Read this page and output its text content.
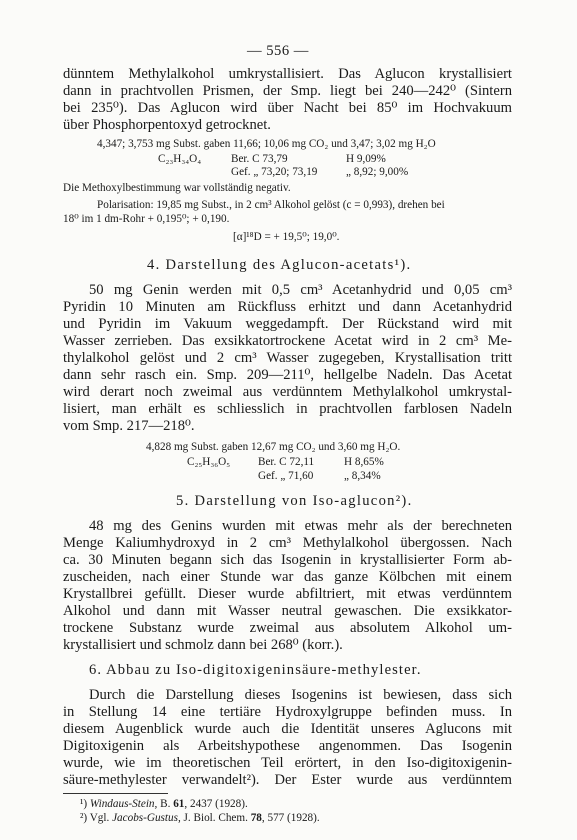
— 556 —
dünntem Methylalkohol umkrystallisiert. Das Aglucon krystallisiert
dann in prachtvollen Prismen, der Smp. liegt bei 240—242⁰ (Sintern
bei 235⁰). Das Aglucon wird über Nacht bei 85⁰ im Hochvakuum
über Phosphorpentoxyd getrocknet.
4,347; 3,753 mg Subst. gaben 11,66; 10,06 mg CO₂ und 3,47; 3,02 mg H₂O
C₂₃H₃₄O₄	Ber. C 73,79	H 9,09%
Gef. „ 73,20; 73,19	„ 8,92; 9,00%
Die Methoxylbestimmung war vollständig negativ.
Polarisation: 19,85 mg Subst., in 2 cm³ Alkohol gelöst (c = 0,993), drehen bei
18⁰ im 1 dm-Rohr + 0,195⁰; + 0,190.
[α]¹⁸D = + 19,5⁰; 19,0⁰.
4. Darstellung des Aglucon-acetats¹).
50 mg Genin werden mit 0,5 cm³ Acetanhydrid und 0,05 cm³
Pyridin 10 Minuten am Rückfluss erhitzt und dann Acetanhydrid
und Pyridin im Vakuum weggedampft. Der Rückstand wird mit
Wasser zerrieben. Das exsikkatortrockene Acetat wird in 2 cm³ Me-
thylalkohol gelöst und 2 cm³ Wasser zugegeben, Krystallisation tritt
dann sehr rasch ein. Smp. 209—211⁰, hellgelbe Nadeln. Das Acetat
wird derart noch zweimal aus verdünntem Methylalkohol umkrystal-
lisiert, man erhält es schliesslich in prachtvollen farblosen Nadeln
vom Smp. 217—218⁰.
4,828 mg Subst. gaben 12,67 mg CO₂ und 3,60 mg H₂O.
C₂₅H₃₆O₅ Ber. C 72,11	H 8,65%
Gef. „ 71,60	„ 8,34%
5. Darstellung von Iso-aglucon²).
48 mg des Genins wurden mit etwas mehr als der berechneten
Menge Kaliumhydroxyd in 2 cm³ Methylalkohol übergossen. Nach
ca. 30 Minuten begann sich das Isogenin in krystallisierter Form ab-
zuscheiden, nach einer Stunde war das ganze Kölbchen mit einem
Krystallbrei gefüllt. Dieser wurde abfiltriert, mit etwas verdünntem
Alkohol und dann mit Wasser neutral gewaschen. Die exsikkator-
trockene Substanz wurde zweimal aus absolutem Alkohol um-
krystallisiert und schmolz dann bei 268⁰ (korr.).
6. Abbau zu Iso-digitoxigeninsäure-methylester.
Durch die Darstellung dieses Isogenins ist bewiesen, dass sich
in Stellung 14 eine tertiäre Hydroxylgruppe befinden muss. In
diesem Augenblick wurde auch die Identität unseres Aglucons mit
Digitoxigenin als Arbeitshypothese angenommen. Das Isogenin
wurde, wie im theoretischen Teil erörtert, in den Iso-digitoxigenin-
säure-methylester verwandelt²). Der Ester wurde aus verdünntem
¹) Windaus-Stein, B. 61, 2437 (1928).
²) Vgl. Jacobs-Gustus, J. Biol. Chem. 78, 577 (1928).
